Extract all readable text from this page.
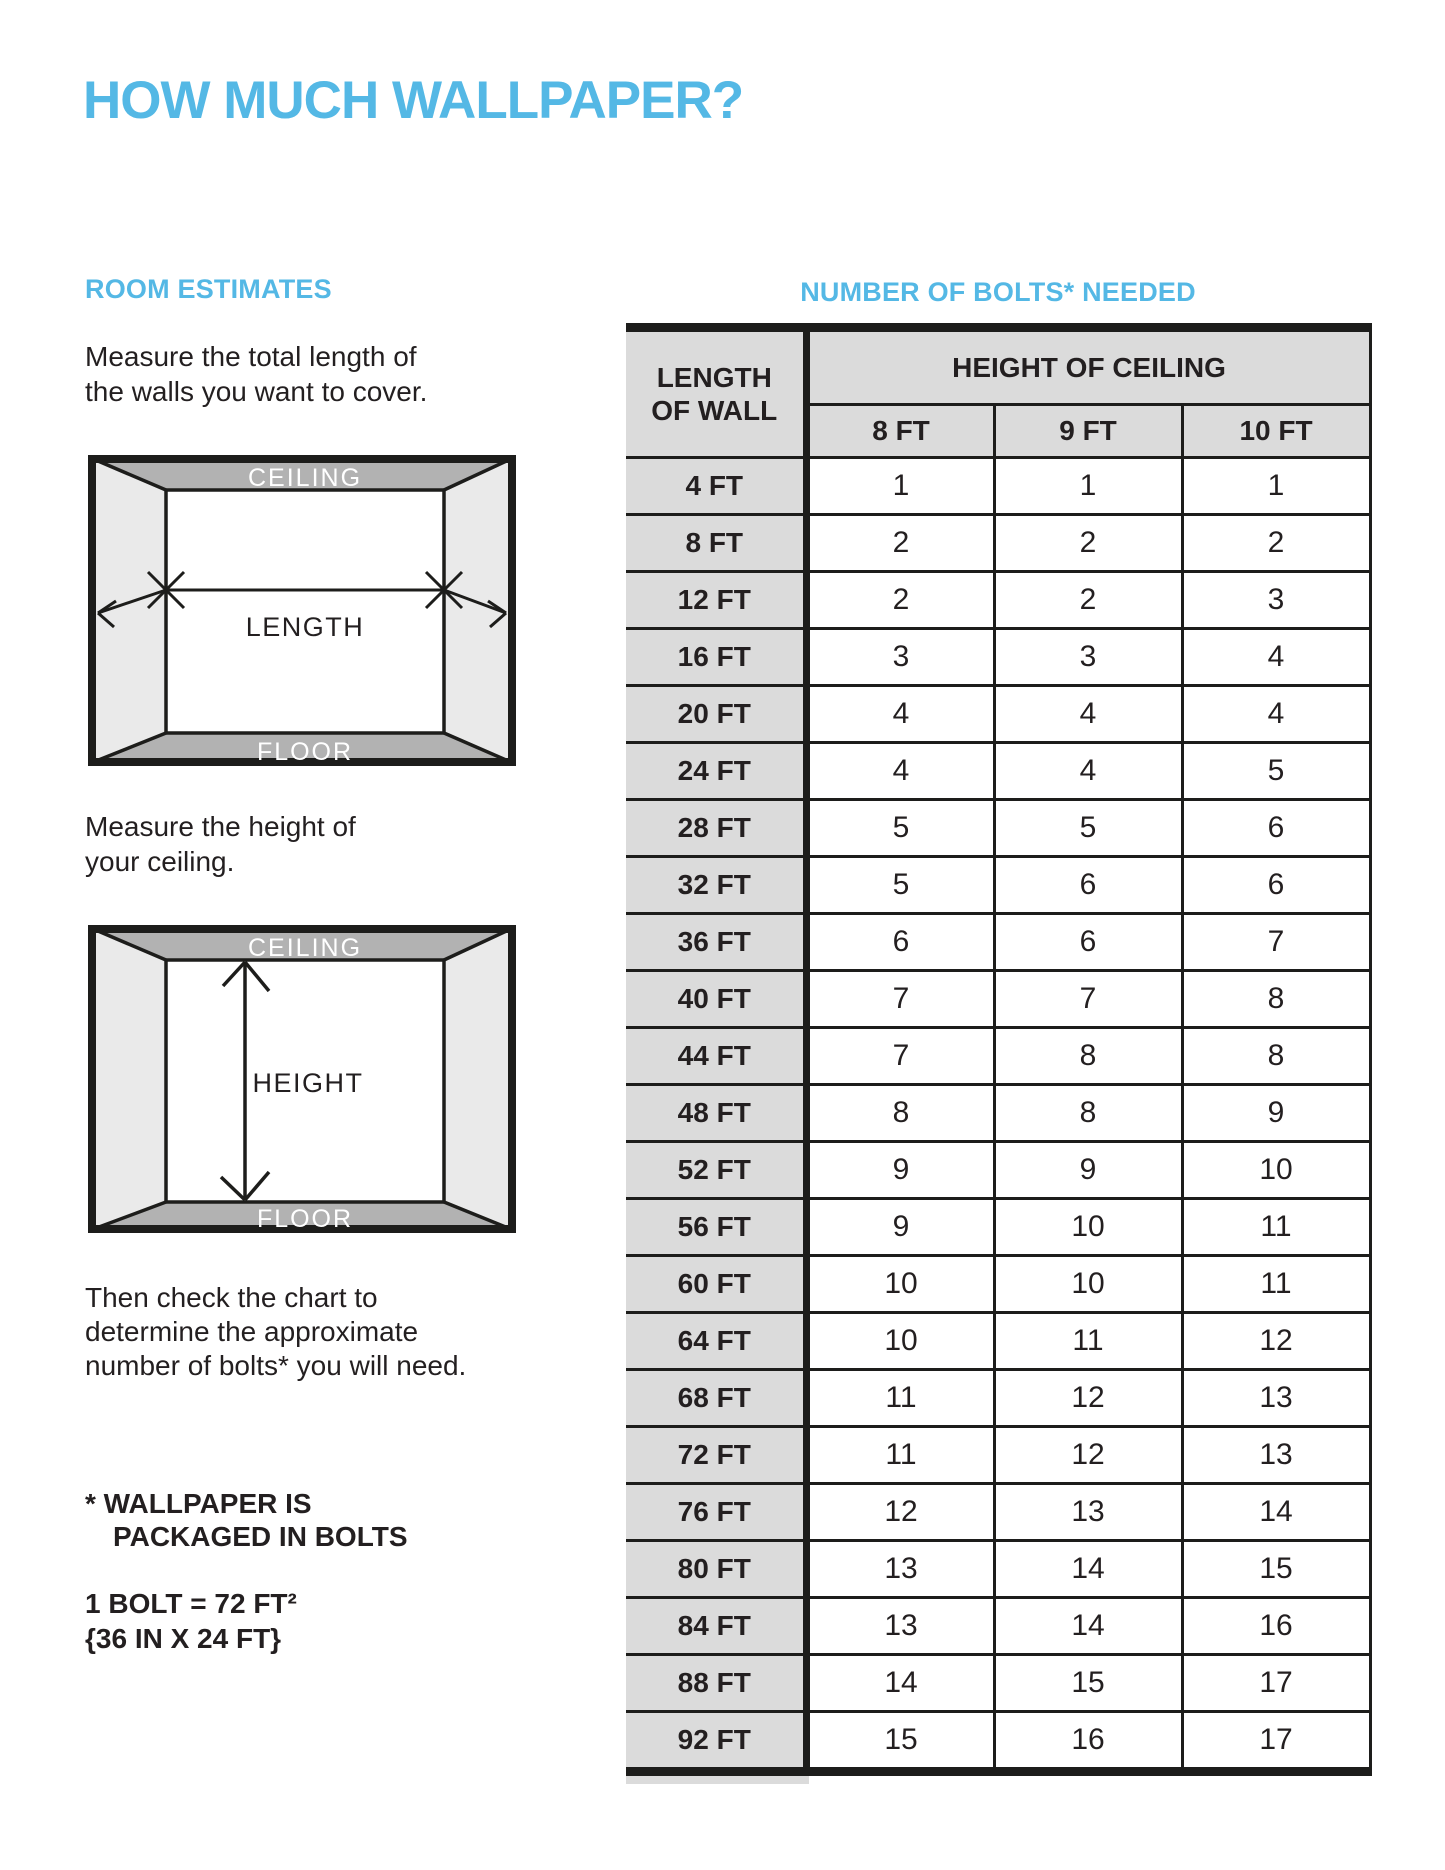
HOW MUCH WALLPAPER?
ROOM ESTIMATES	NUMBER OF BOLTS* NEEDED
Measure the total length of
the walls you want to cover.
CEILING
FLOOR
LENGTH
Measure the height of
your ceiling.
CEILING
FLOOR
HEIGHT
Then check the chart to
determine the approximate
number of bolts* you will need.
* WALLPAPER IS
PACKAGED IN BOLTS
1 BOLT = 72 FT²
{36 IN X 24 FT}
LENGTH
OF WALL	HEIGHT OF CEILING		
	8 FT	9 FT	10 FT
4 FT	1	1	1
8 FT	2	2	2
12 FT	2	2	3
16 FT	3	3	4
20 FT	4	4	4
24 FT	4	4	5
28 FT	5	5	6
32 FT	5	6	6
36 FT	6	6	7
40 FT	7	7	8
44 FT	7	8	8
48 FT	8	8	9
52 FT	9	9	10
56 FT	9	10	11
60 FT	10	10	11
64 FT	10	11	12
68 FT	11	12	13
72 FT	11	12	13
76 FT	12	13	14
80 FT	13	14	15
84 FT	13	14	16
88 FT	14	15	17
92 FT	15	16	17
